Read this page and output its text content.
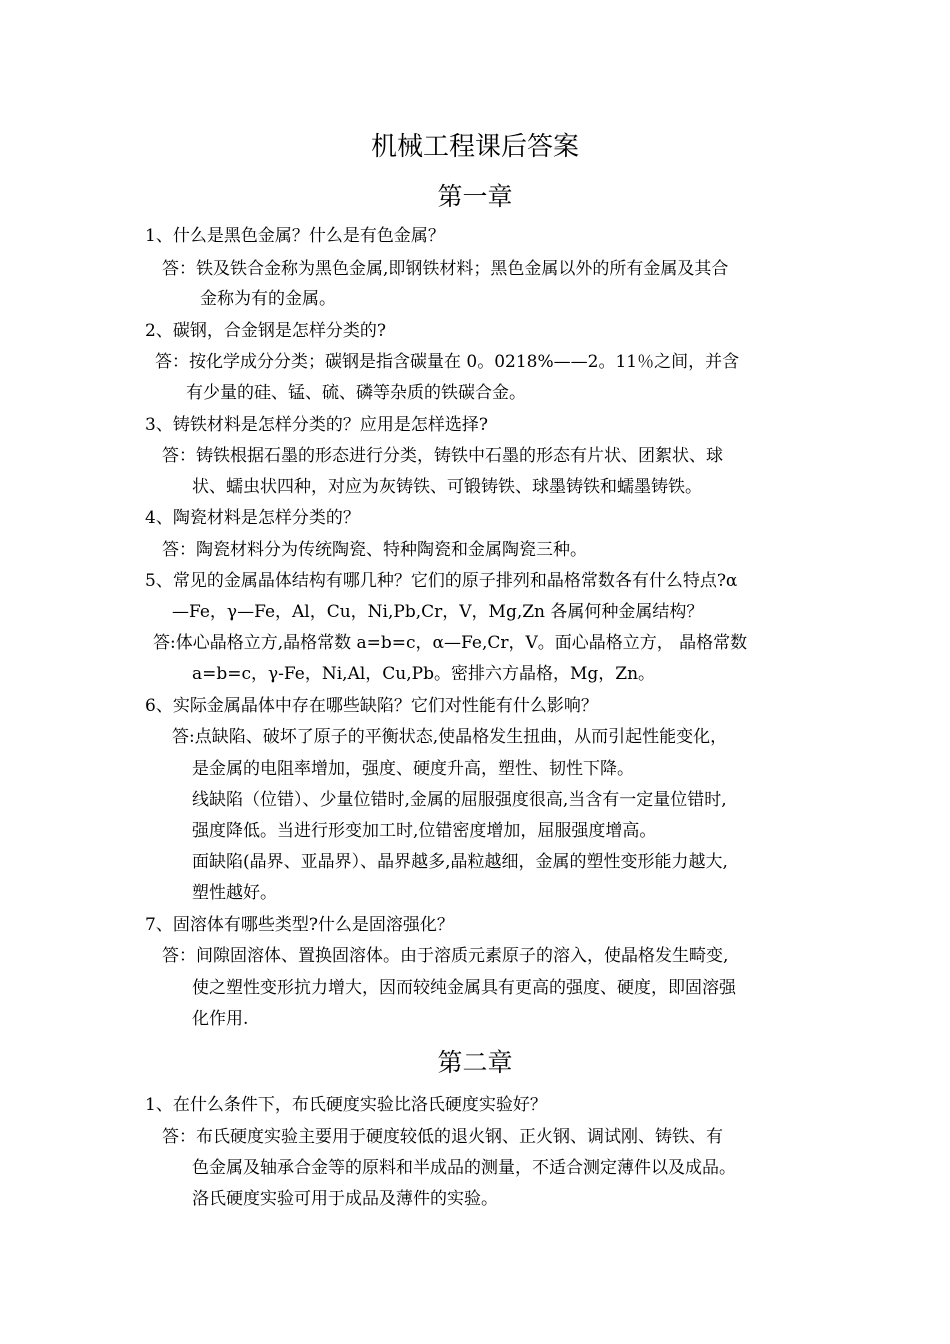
机械工程课后答案
第一章
1、什么是黑色金属？什么是有色金属？
答：铁及铁合金称为黑色金属,即钢铁材料；黑色金属以外的所有金属及其合
金称为有的金属。
2、碳钢，合金钢是怎样分类的?
答：按化学成分分类；碳钢是指含碳量在 0。0218%——2。11％之间，并含
有少量的硅、锰、硫、磷等杂质的铁碳合金。
3、铸铁材料是怎样分类的？应用是怎样选择?
答：铸铁根据石墨的形态进行分类，铸铁中石墨的形态有片状、团絮状、球
状、蠕虫状四种，对应为灰铸铁、可锻铸铁、球墨铸铁和蠕墨铸铁。
4、陶瓷材料是怎样分类的？
答：陶瓷材料分为传统陶瓷、特种陶瓷和金属陶瓷三种。
5、常见的金属晶体结构有哪几种？它们的原子排列和晶格常数各有什么特点?α
—Fe，γ—Fe，Al，Cu，Ni,Pb,Cr，V，Mg,Zn 各属何种金属结构？
答:体心晶格立方,晶格常数 a=b=c，α—Fe,Cr，V。面心晶格立方， 晶格常数
a=b=c，γ-Fe，Ni,Al，Cu,Pb。密排六方晶格，Mg，Zn。
6、实际金属晶体中存在哪些缺陷？它们对性能有什么影响？
答:点缺陷、破坏了原子的平衡状态,使晶格发生扭曲，从而引起性能变化，
是金属的电阻率增加，强度、硬度升高，塑性、韧性下降。
线缺陷（位错）、少量位错时,金属的屈服强度很高,当含有一定量位错时,
强度降低。当进行形变加工时,位错密度增加，屈服强度增高。
面缺陷(晶界、亚晶界）、晶界越多,晶粒越细，金属的塑性变形能力越大,
塑性越好。
7、固溶体有哪些类型?什么是固溶强化？
答：间隙固溶体、置换固溶体。由于溶质元素原子的溶入，使晶格发生畸变,
使之塑性变形抗力增大，因而较纯金属具有更高的强度、硬度，即固溶强
化作用.
第二章
1、在什么条件下，布氏硬度实验比洛氏硬度实验好？
答：布氏硬度实验主要用于硬度较低的退火钢、正火钢、调试刚、铸铁、有
色金属及轴承合金等的原料和半成品的测量，不适合测定薄件以及成品。
洛氏硬度实验可用于成品及薄件的实验。
